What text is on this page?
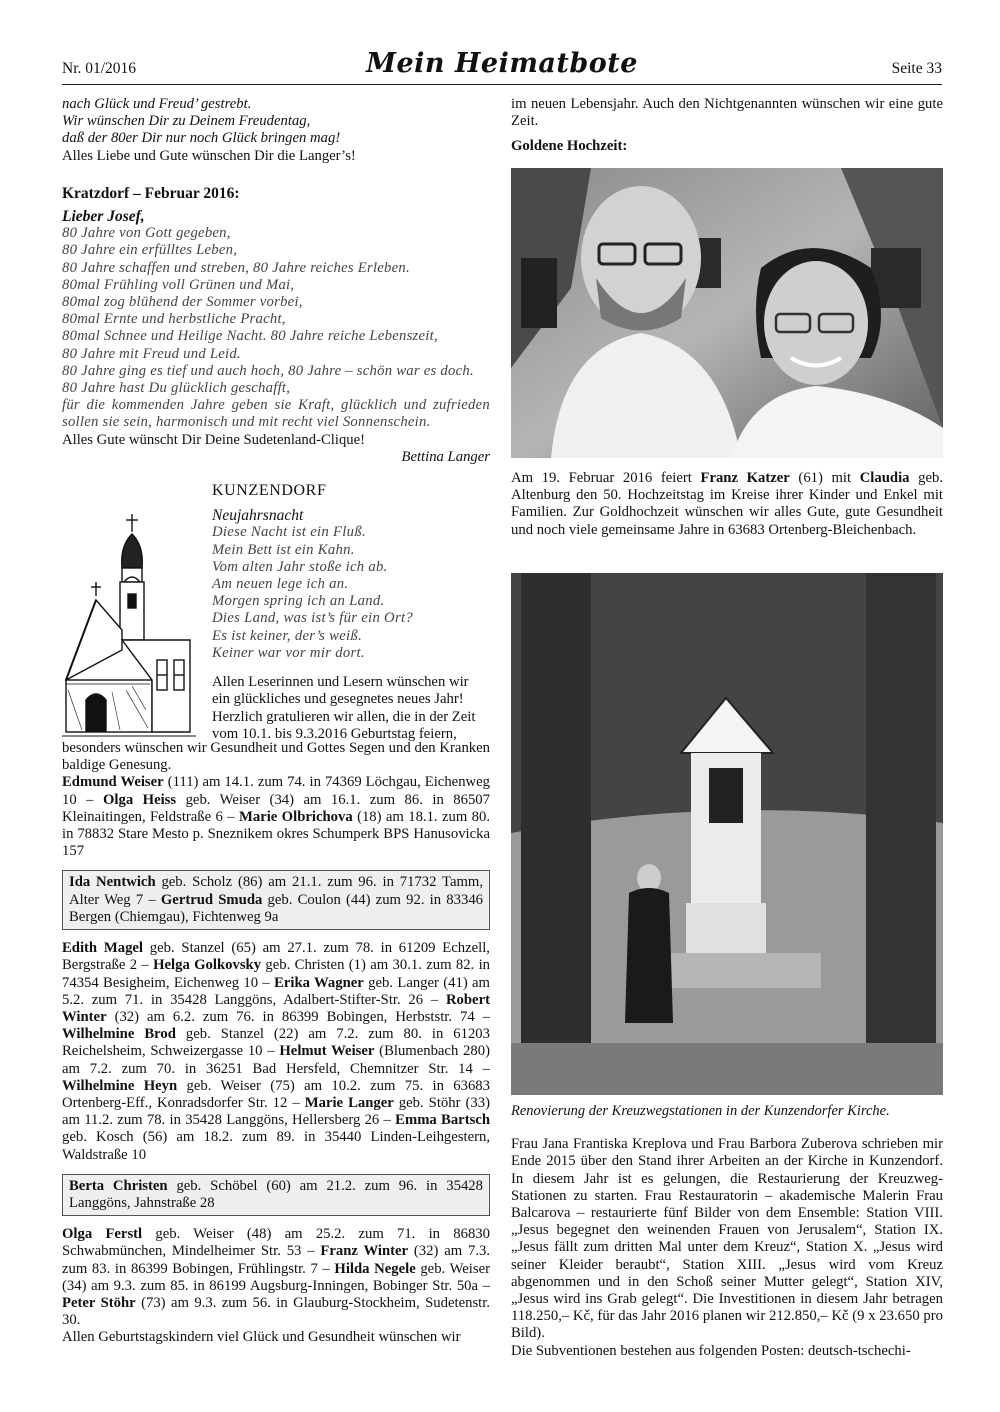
Nr. 01/2016	Mein Heimatbote	Seite 33

nach Glück und Freud’ gestrebt.

Wir wünschen Dir zu Deinem Freudentag,

daß der 80er Dir nur noch Glück bringen mag!

Alles Liebe und Gute wünschen Dir die Langer’s!

Kratzdorf – Februar 2016:

Lieber Josef,

80 Jahre von Gott gegeben,

80 Jahre ein erfülltes Leben,

80 Jahre schaffen und streben, 80 Jahre reiches Erleben.

80mal Frühling voll Grünen und Mai,

80mal zog blühend der Sommer vorbei,

80mal Ernte und herbstliche Pracht,

80mal Schnee und Heilige Nacht. 80 Jahre reiche Lebenszeit,

80 Jahre mit Freud und Leid.

80 Jahre ging es tief und auch hoch, 80 Jahre – schön war es doch.

80 Jahre hast Du glücklich geschafft,

für die kommenden Jahre geben sie Kraft, glücklich und zufrieden sollen sie sein, harmonisch und mit recht viel Sonnenschein.

Alles Gute wünscht Dir Deine Sudetenland-Clique!

Bettina Langer

KUNZENDORF

Neujahrsnacht

Diese Nacht ist ein Fluß.

Mein Bett ist ein Kahn.

Vom alten Jahr stoße ich ab.

Am neuen lege ich an.

Morgen spring ich an Land.

Dies Land, was ist’s für ein Ort?

Es ist keiner, der’s weiß.

Keiner war vor mir dort.

Allen Leserinnen und Lesern wünschen wir

ein glückliches und gesegnetes neues Jahr!

Herzlich gratulieren wir allen, die in der Zeit

vom 10.1. bis 9.3.2016 Geburtstag feiern,

besonders wünschen wir Gesundheit und Gottes Segen und den Kranken baldige Genesung.

Edmund Weiser (111) am 14.1. zum 74. in 74369 Löchgau, Eichenweg 10 – Olga Heiss geb. Weiser (34) am 16.1. zum 86. in 86507 Kleinaitingen, Feldstraße 6 – Marie Olbrichova (18) am 18.1. zum 80. in 78832 Stare Mesto p. Sneznikem okres Schumperk BPS Hanusovicka 157

Ida Nentwich geb. Scholz (86) am 21.1. zum 96. in 71732 Tamm, Alter Weg 7 – Gertrud Smuda geb. Coulon (44) zum 92. in 83346 Bergen (Chiemgau), Fichtenweg 9a

Edith Magel geb. Stanzel (65) am 27.1. zum 78. in 61209 Echzell, Bergstraße 2 – Helga Golkovsky geb. Christen (1) am 30.1. zum 82. in 74354 Besigheim, Eichenweg 10 – Erika Wagner geb. Langer (41) am 5.2. zum 71. in 35428 Langgöns, Adalbert-Stifter-Str. 26 – Robert Winter (32) am 6.2. zum 76. in 86399 Bobingen, Herbststr. 74 – Wilhelmine Brod geb. Stanzel (22) am 7.2. zum 80. in 61203 Reichelsheim, Schweizergasse 10 – Helmut Weiser (Blumenbach 280) am 7.2. zum 70. in 36251 Bad Hersfeld, Chemnitzer Str. 14 – Wilhelmine Heyn geb. Weiser (75) am 10.2. zum 75. in 63683 Ortenberg-Eff., Konradsdorfer Str. 12 – Marie Langer geb. Stöhr (33) am 11.2. zum 78. in 35428 Langgöns, Hellersberg 26 – Emma Bartsch geb. Kosch (56) am 18.2. zum 89. in 35440 Linden-Leihgestern, Waldstraße 10

Berta Christen geb. Schöbel (60) am 21.2. zum 96. in 35428 Langgöns, Jahnstraße 28

Olga Ferstl geb. Weiser (48) am 25.2. zum 71. in 86830 Schwabmünchen, Mindelheimer Str. 53 – Franz Winter (32) am 7.3. zum 83. in 86399 Bobingen, Frühlingstr. 7 – Hilda Negele geb. Weiser (34) am 9.3. zum 85. in 86199 Augsburg-Inningen, Bobinger Str. 50a – Peter Stöhr (73) am 9.3. zum 56. in Glauburg-Stockheim, Sudetenstr. 30.

Allen Geburtstagskindern viel Glück und Gesundheit wünschen wir

im neuen Lebensjahr. Auch den Nichtgenannten wünschen wir eine gute Zeit.

Goldene Hochzeit:

Am 19. Februar 2016 feiert Franz Katzer (61) mit Claudia geb. Altenburg den 50. Hochzeitstag im Kreise ihrer Kinder und Enkel mit Familien. Zur Goldhochzeit wünschen wir alles Gute, gute Gesundheit und noch viele gemeinsame Jahre in 63683 Ortenberg-Bleichenbach.

Renovierung der Kreuzwegstationen in der Kunzendorfer Kirche.

Frau Jana Frantiska Kreplova und Frau Barbora Zuberova schrieben mir Ende 2015 über den Stand ihrer Arbeiten an der Kirche in Kunzendorf. In diesem Jahr ist es gelungen, die Restaurierung der Kreuzweg-Stationen zu starten. Frau Restauratorin – akademische Malerin Frau Balcarova – restaurierte fünf Bilder von dem Ensemble: Station VIII. „Jesus begegnet den weinenden Frauen von Jerusalem“, Station IX. „Jesus fällt zum dritten Mal unter dem Kreuz“, Station X. „Jesus wird seiner Kleider beraubt“, Station XIII. „Jesus wird vom Kreuz abgenommen und in den Schoß seiner Mutter gelegt“, Station XIV, „Jesus wird ins Grab gelegt“. Die Investitionen in diesem Jahr betragen 118.250,– Kč, für das Jahr 2016 planen wir 212.850,– Kč (9 x 23.650 pro Bild).

Die Subventionen bestehen aus folgenden Posten: deutsch-tschechi-
